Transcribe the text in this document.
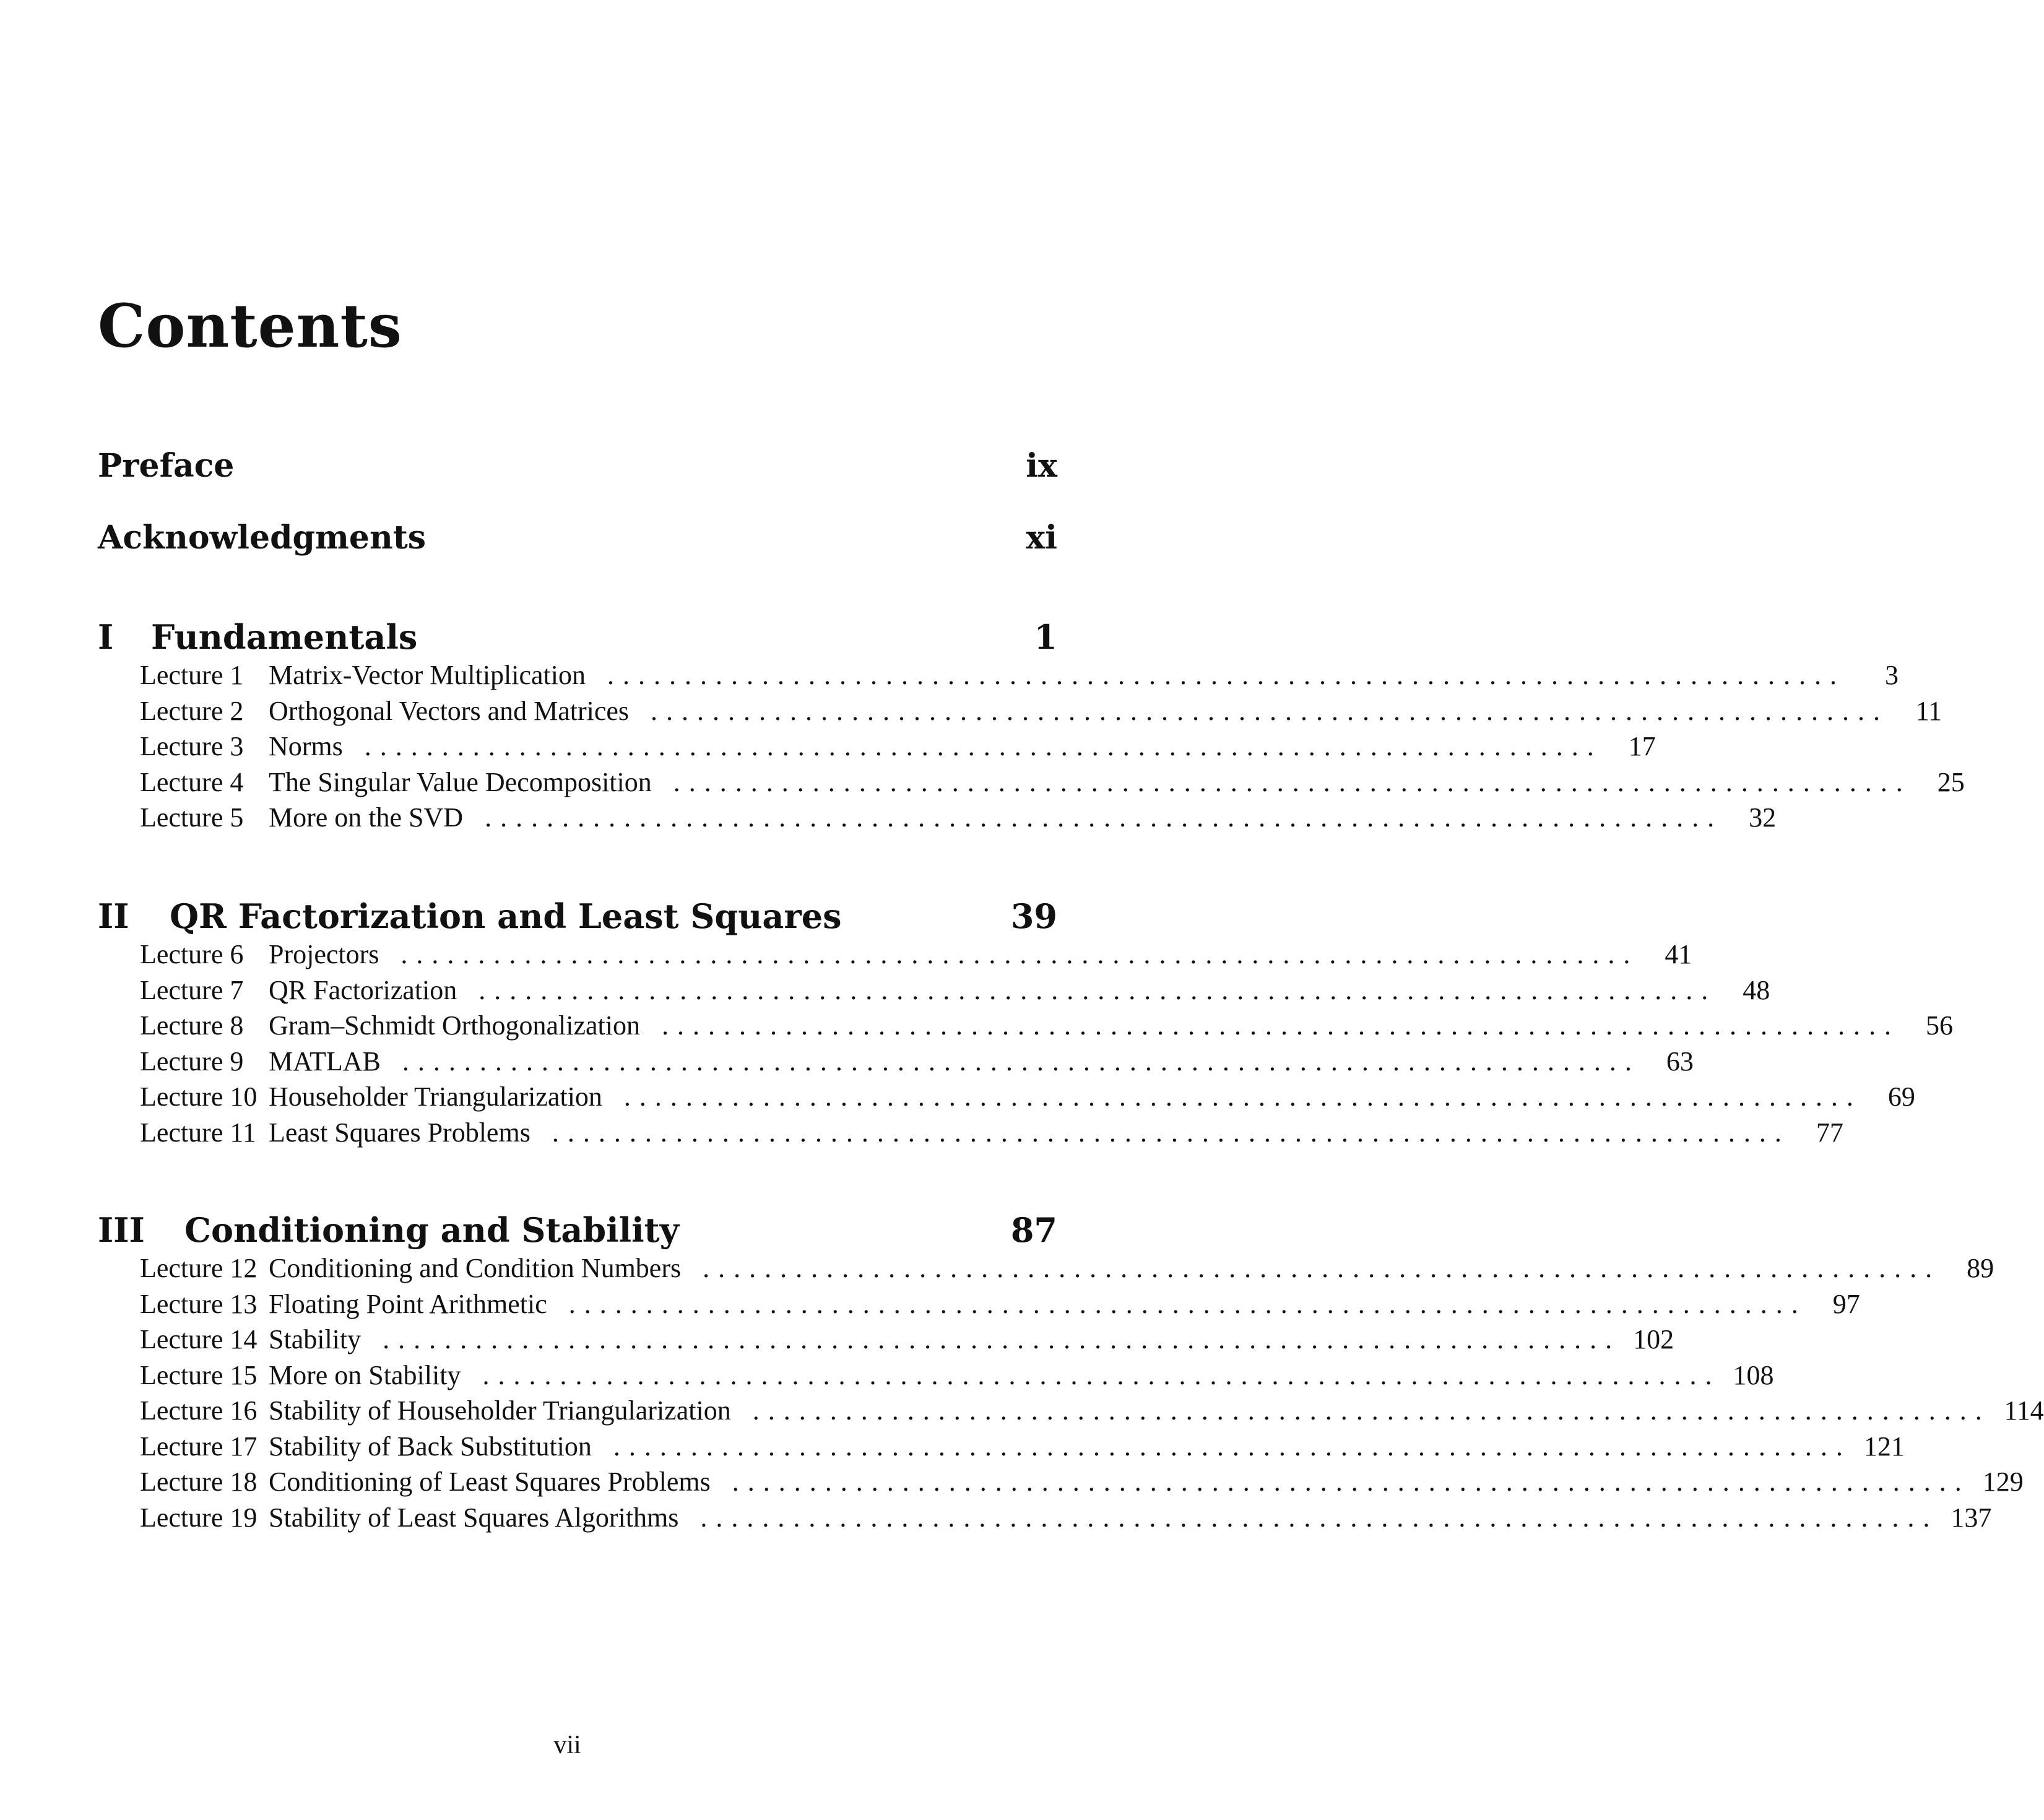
Contents
Preface	ix
Acknowledgments	xi
I	Fundamentals	1
Lecture 1 Matrix-Vector Multiplication ................................................................................	3
Lecture 2 Orthogonal Vectors and Matrices ................................................................................ 11
Lecture 3 Norms ................................................................................ 17
Lecture 4 The Singular Value Decomposition ................................................................................ 25
Lecture 5 More on the SVD ................................................................................ 32
II	QR Factorization and Least Squares	39
Lecture 6 Projectors ................................................................................ 41
Lecture 7 QR Factorization ................................................................................ 48
Lecture 8 Gram–Schmidt Orthogonalization ................................................................................ 56
Lecture 9 MATLAB ................................................................................ 63
Lecture 10 Householder Triangularization ................................................................................ 69
Lecture 11 Least Squares Problems ................................................................................ 77
III	Conditioning and Stability	87
Lecture 12 Conditioning and Condition Numbers ................................................................................ 89
Lecture 13 Floating Point Arithmetic ................................................................................ 97
Lecture 14 Stability ................................................................................ 102
Lecture 15 More on Stability ................................................................................ 108
Lecture 16 Stability of Householder Triangularization ................................................................................ 114
Lecture 17 Stability of Back Substitution ................................................................................ 121
Lecture 18 Conditioning of Least Squares Problems ................................................................................ 129
Lecture 19 Stability of Least Squares Algorithms ................................................................................ 137
vii
